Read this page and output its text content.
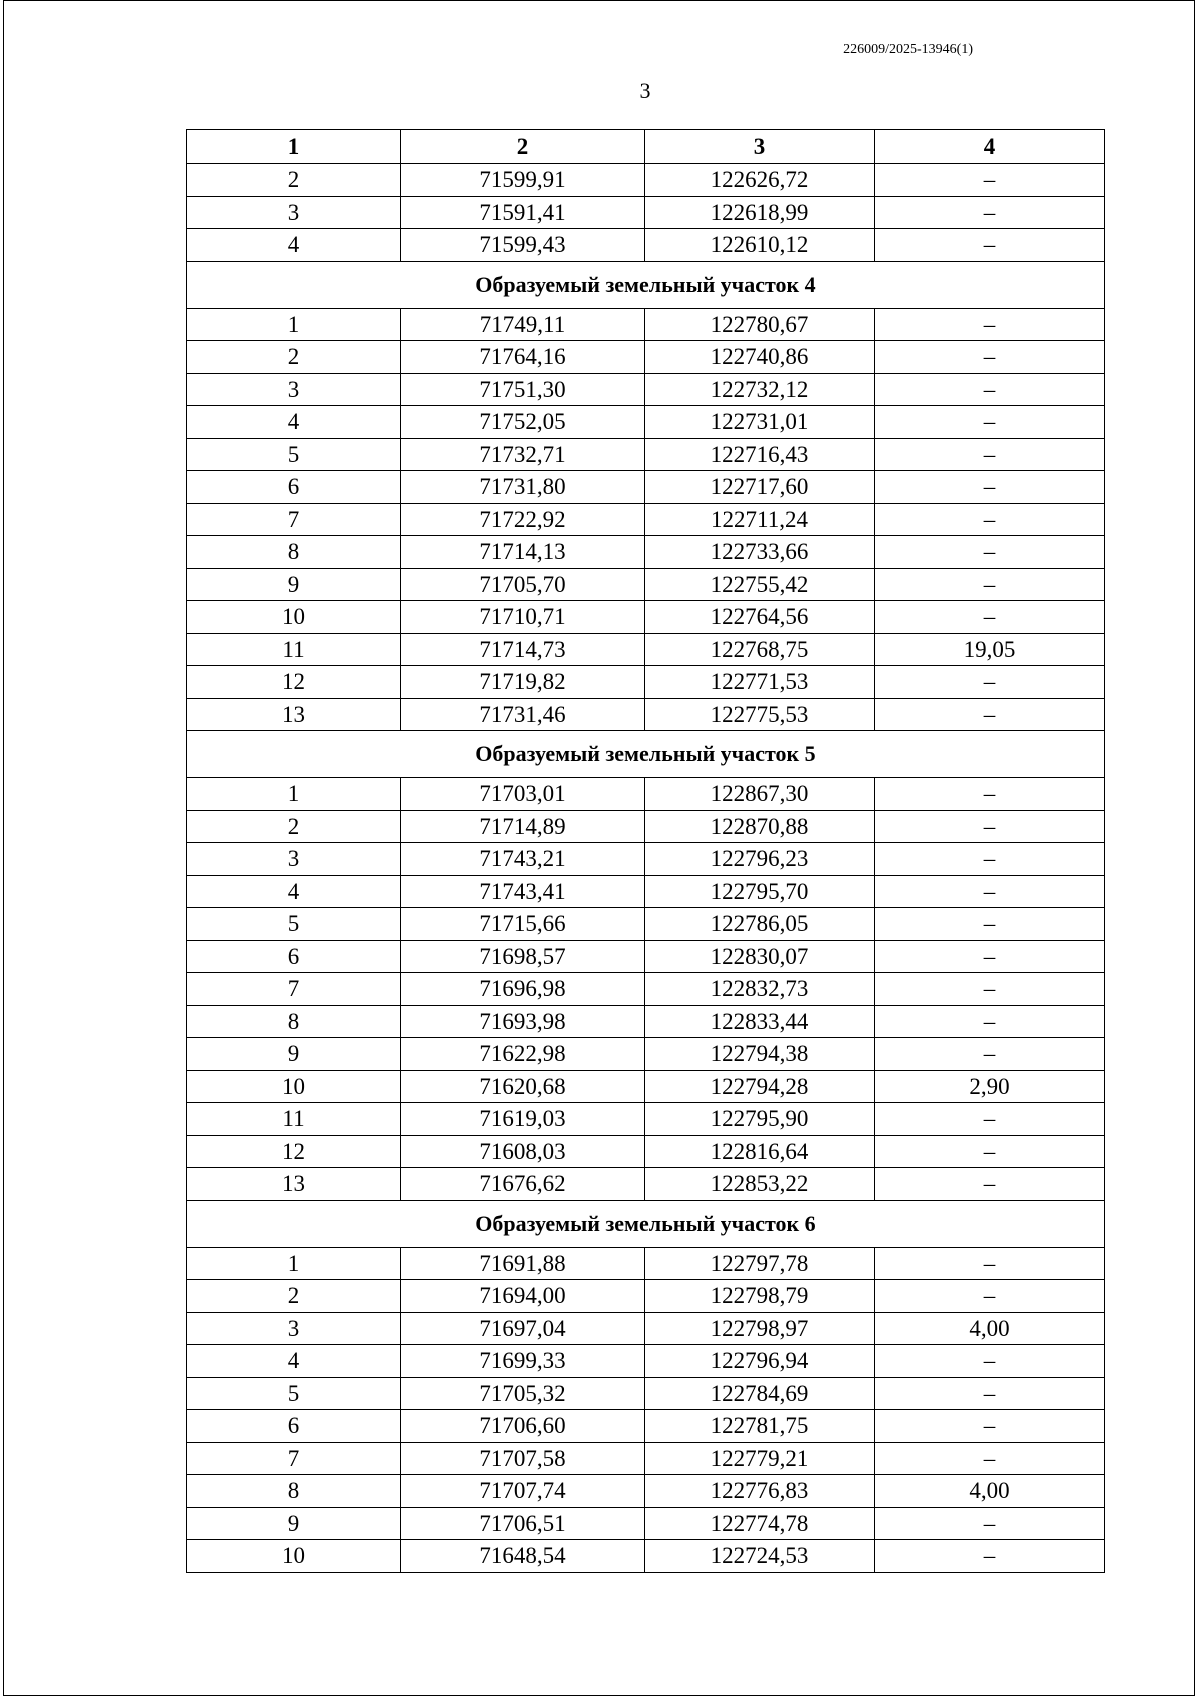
226009/2025-13946(1)
3
1	2	3	4
2	71599,91	122626,72	–
3	71591,41	122618,99	–
4	71599,43	122610,12	–
Образуемый земельный участок 4			
1	71749,11	122780,67	–
2	71764,16	122740,86	–
3	71751,30	122732,12	–
4	71752,05	122731,01	–
5	71732,71	122716,43	–
6	71731,80	122717,60	–
7	71722,92	122711,24	–
8	71714,13	122733,66	–
9	71705,70	122755,42	–
10	71710,71	122764,56	–
11	71714,73	122768,75	19,05
12	71719,82	122771,53	–
13	71731,46	122775,53	–
Образуемый земельный участок 5			
1	71703,01	122867,30	–
2	71714,89	122870,88	–
3	71743,21	122796,23	–
4	71743,41	122795,70	–
5	71715,66	122786,05	–
6	71698,57	122830,07	–
7	71696,98	122832,73	–
8	71693,98	122833,44	–
9	71622,98	122794,38	–
10	71620,68	122794,28	2,90
11	71619,03	122795,90	–
12	71608,03	122816,64	–
13	71676,62	122853,22	–
Образуемый земельный участок 6			
1	71691,88	122797,78	–
2	71694,00	122798,79	–
3	71697,04	122798,97	4,00
4	71699,33	122796,94	–
5	71705,32	122784,69	–
6	71706,60	122781,75	–
7	71707,58	122779,21	–
8	71707,74	122776,83	4,00
9	71706,51	122774,78	–
10	71648,54	122724,53	–
